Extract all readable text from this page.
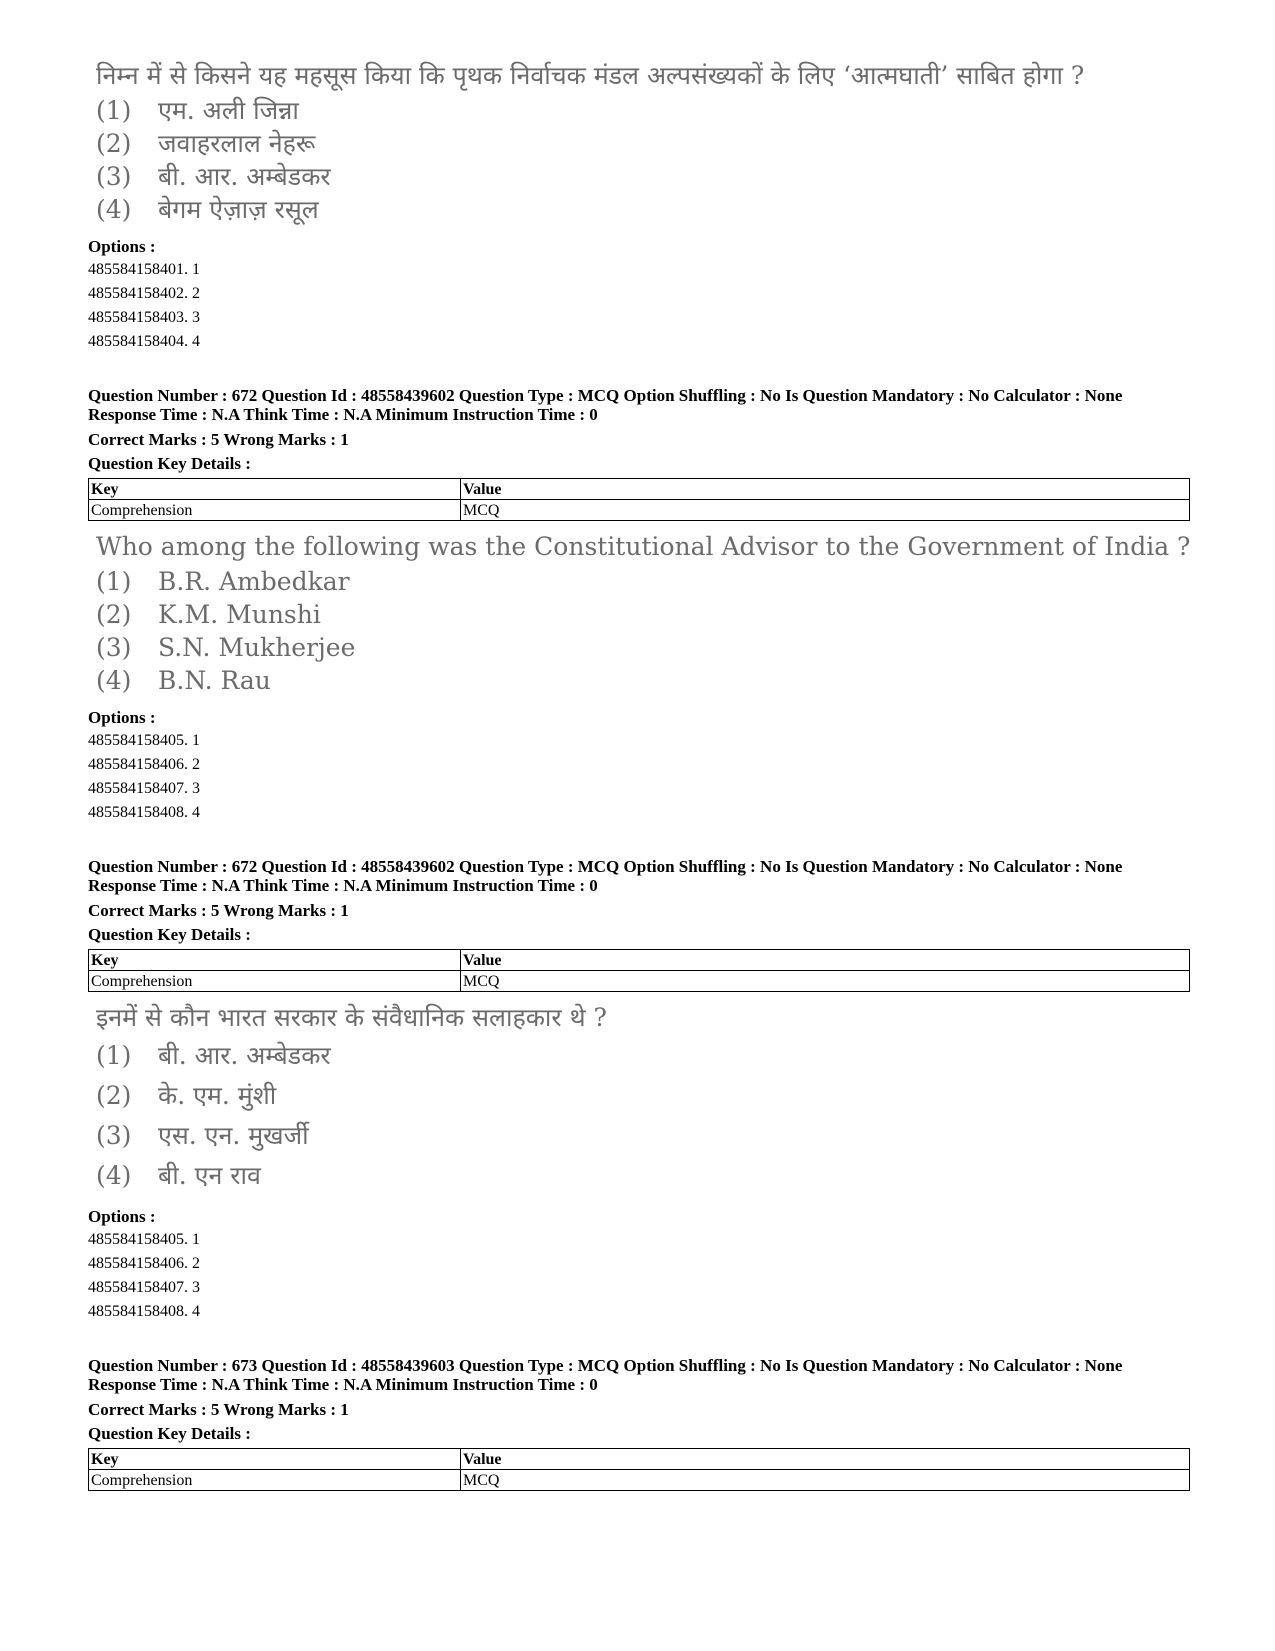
निम्न में से किसने यह महसूस किया कि पृथक निर्वाचक मंडल अल्पसंख्यकों के लिए ‘आत्मघाती’ साबित होगा ?
(1)	एम. अली जिन्ना
(2)	जवाहरलाल नेहरू
(3)	बी. आर. अम्बेडकर
(4)	बेगम ऐज़ाज़ रसूल
Options :
485584158401. 1
485584158402. 2
485584158403. 3
485584158404. 4
Question Number : 672 Question Id : 48558439602 Question Type : MCQ Option Shuffling : No Is Question Mandatory : No Calculator : None
Response Time : N.A Think Time : N.A Minimum Instruction Time : 0
Correct Marks : 5 Wrong Marks : 1
Question Key Details :
Key	Value
Comprehension	MCQ
Who among the following was the Constitutional Advisor to the Government of India ?
(1)	B.R. Ambedkar
(2)	K.M. Munshi
(3)	S.N. Mukherjee
(4)	B.N. Rau
Options :
485584158405. 1
485584158406. 2
485584158407. 3
485584158408. 4
Question Number : 672 Question Id : 48558439602 Question Type : MCQ Option Shuffling : No Is Question Mandatory : No Calculator : None
Response Time : N.A Think Time : N.A Minimum Instruction Time : 0
Correct Marks : 5 Wrong Marks : 1
Question Key Details :
Key	Value
Comprehension	MCQ
इनमें से कौन भारत सरकार के संवैधानिक सलाहकार थे ?
(1)	बी. आर. अम्बेडकर
(2)	के. एम. मुंशी
(3)	एस. एन. मुखर्जी
(4)	बी. एन राव
Options :
485584158405. 1
485584158406. 2
485584158407. 3
485584158408. 4
Question Number : 673 Question Id : 48558439603 Question Type : MCQ Option Shuffling : No Is Question Mandatory : No Calculator : None
Response Time : N.A Think Time : N.A Minimum Instruction Time : 0
Correct Marks : 5 Wrong Marks : 1
Question Key Details :
Key	Value
Comprehension	MCQ
